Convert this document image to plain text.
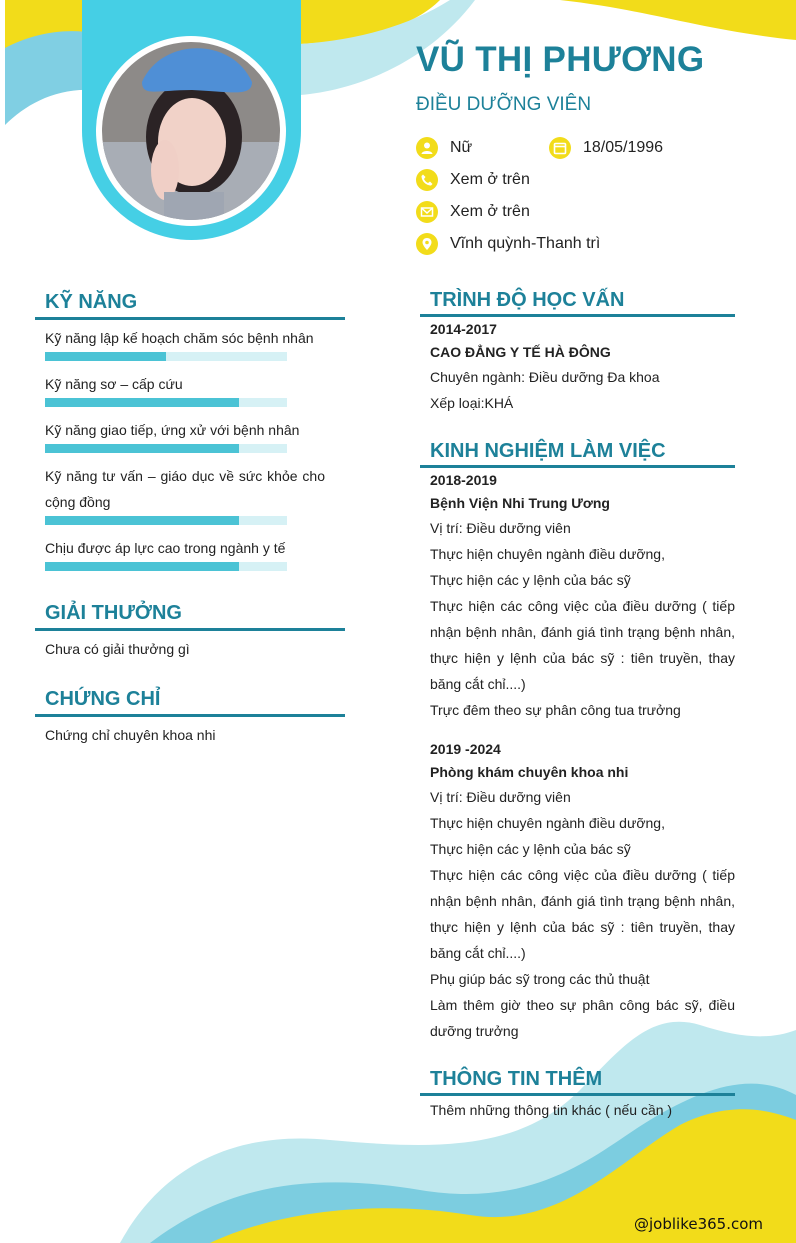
VŨ THỊ PHƯƠNG
ĐIỀU DƯỠNG VIÊN
Nữ	18/05/1996
Xem ở trên
Xem ở trên
Vĩnh quỳnh-Thanh trì
KỸ NĂNG
Kỹ năng lập kế hoạch chăm sóc bệnh nhân
Kỹ năng sơ – cấp cứu
Kỹ năng giao tiếp, ứng xử với bệnh nhân
Kỹ năng tư vấn – giáo dục về sức khỏe cho cộng đồng
Chịu được áp lực cao trong ngành y tế
GIẢI THƯỞNG
Chưa có giải thưởng gì
CHỨNG CHỈ
Chứng chỉ chuyên khoa nhi
TRÌNH ĐỘ HỌC VẤN
2014-2017
CAO ĐẲNG Y TẾ HÀ ĐÔNG
Chuyên ngành: Điều dưỡng Đa khoa
Xếp loại:KHÁ
KINH NGHIỆM LÀM VIỆC
2018-2019
Bệnh Viện Nhi Trung Ương
Vị trí: Điều dưỡng viên
Thực hiện chuyên ngành điều dưỡng,
Thực hiện các y lệnh của bác sỹ
Thực hiện các công việc của điều dưỡng ( tiếp nhận bệnh nhân, đánh giá tình trạng bệnh nhân, thực hiện y lệnh của bác sỹ : tiên truyền, thay băng cắt chỉ....)
Trực đêm theo sự phân công tua trưởng
2019 -2024
Phòng khám chuyên khoa nhi
Vị trí: Điều dưỡng viên
Thực hiện chuyên ngành điều dưỡng,
Thực hiện các y lệnh của bác sỹ
Thực hiện các công việc của điều dưỡng ( tiếp nhận bệnh nhân, đánh giá tình trạng bệnh nhân, thực hiện y lệnh của bác sỹ : tiên truyền, thay băng cắt chỉ....)
Phụ giúp bác sỹ trong các thủ thuật
Làm thêm giờ theo sự phân công bác sỹ, điều dưỡng trưởng
THÔNG TIN THÊM
Thêm những thông tin khác ( nếu cần )
@joblike365.com
